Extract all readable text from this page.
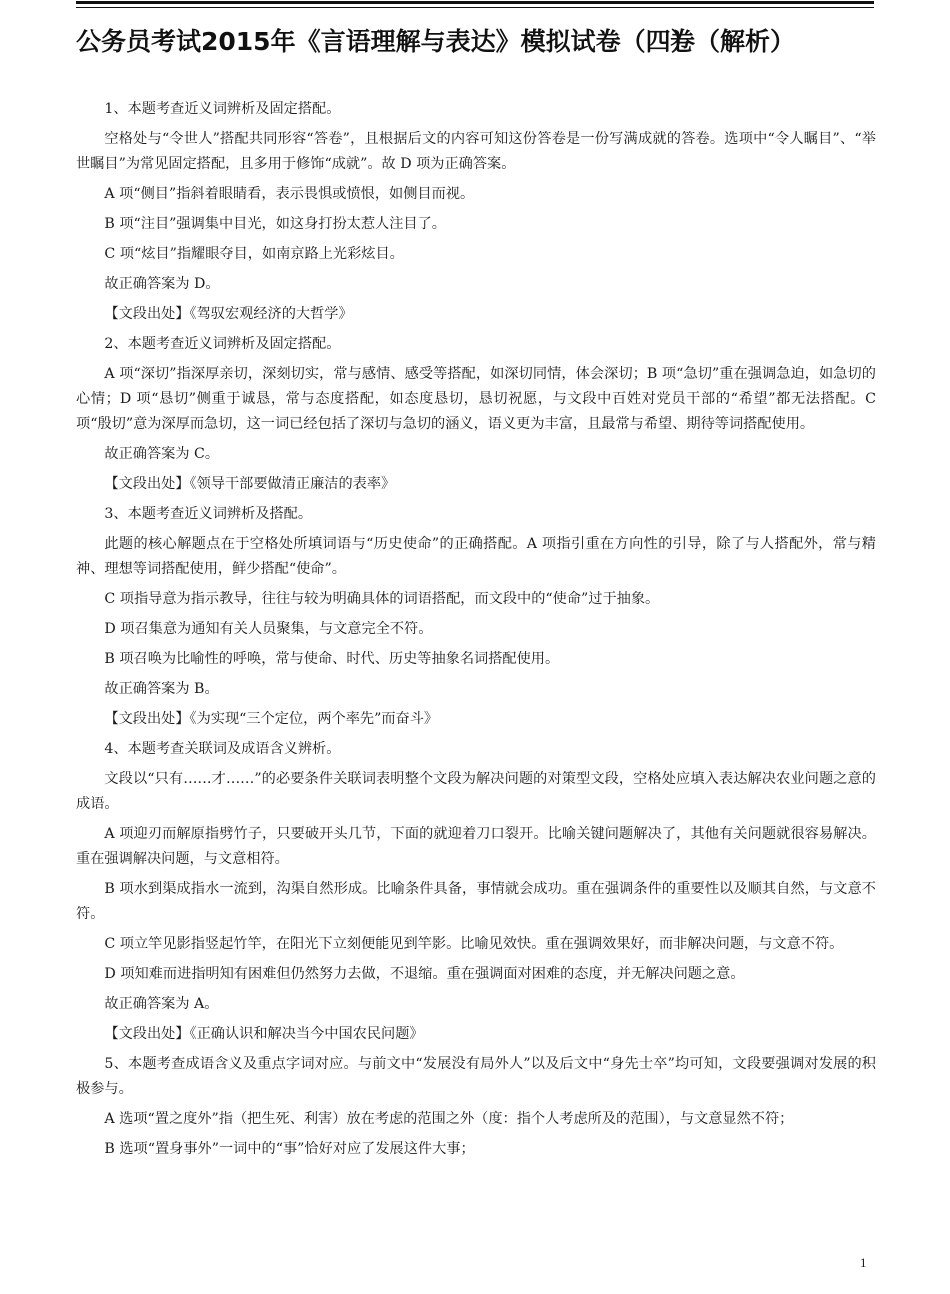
公务员考试2015年《言语理解与表达》模拟试卷（四）
卷（解析）

1、本题考查近义词辨析及固定搭配。

空格处与“令世人”搭配共同形容“答卷”，且根据后文的内容可知这份答卷是一份写满成就的答卷。选项中“令人瞩目”、“举世瞩目”为常见固定搭配，且多用于修饰“成就”。故 D 项为正确答案。

A 项“侧目”指斜着眼睛看，表示畏惧或愤恨，如侧目而视。

B 项“注目”强调集中目光，如这身打扮太惹人注目了。

C 项“炫目”指耀眼夺目，如南京路上光彩炫目。

故正确答案为 D。

【文段出处】《驾驭宏观经济的大哲学》

2、本题考查近义词辨析及固定搭配。

A 项“深切”指深厚亲切，深刻切实，常与感情、感受等搭配，如深切同情，体会深切；B 项“急切”重在强调急迫，如急切的心情；D 项“恳切”侧重于诚恳，常与态度搭配，如态度恳切，恳切祝愿，与文段中百姓对党员干部的“希望”都无法搭配。C 项“殷切”意为深厚而急切，这一词已经包括了深切与急切的涵义，语义更为丰富，且最常与希望、期待等词搭配使用。

故正确答案为 C。

【文段出处】《领导干部要做清正廉洁的表率》

3、本题考查近义词辨析及搭配。

此题的核心解题点在于空格处所填词语与“历史使命”的正确搭配。A 项指引重在方向性的引导，除了与人搭配外，常与精神、理想等词搭配使用，鲜少搭配“使命”。

C 项指导意为指示教导，往往与较为明确具体的词语搭配，而文段中的“使命”过于抽象。

D 项召集意为通知有关人员聚集，与文意完全不符。

B 项召唤为比喻性的呼唤，常与使命、时代、历史等抽象名词搭配使用。

故正确答案为 B。

【文段出处】《为实现“三个定位，两个率先”而奋斗》

4、本题考查关联词及成语含义辨析。

文段以“只有……才……”的必要条件关联词表明整个文段为解决问题的对策型文段，空格处应填入表达解决农业问题之意的成语。

A 项迎刃而解原指劈竹子，只要破开头几节，下面的就迎着刀口裂开。比喻关键问题解决了，其他有关问题就很容易解决。重在强调解决问题，与文意相符。

B 项水到渠成指水一流到，沟渠自然形成。比喻条件具备，事情就会成功。重在强调条件的重要性以及顺其自然，与文意不符。

C 项立竿见影指竖起竹竿，在阳光下立刻便能见到竿影。比喻见效快。重在强调效果好，而非解决问题，与文意不符。

D 项知难而进指明知有困难但仍然努力去做，不退缩。重在强调面对困难的态度，并无解决问题之意。

故正确答案为 A。

【文段出处】《正确认识和解决当今中国农民问题》

5、本题考查成语含义及重点字词对应。与前文中“发展没有局外人”以及后文中“身先士卒”均可知，文段要强调对发展的积极参与。

A 选项“置之度外”指（把生死、利害）放在考虑的范围之外（度：指个人考虑所及的范围），与文意显然不符；

B 选项“置身事外”一词中的“事”恰好对应了发展这件大事；

1
